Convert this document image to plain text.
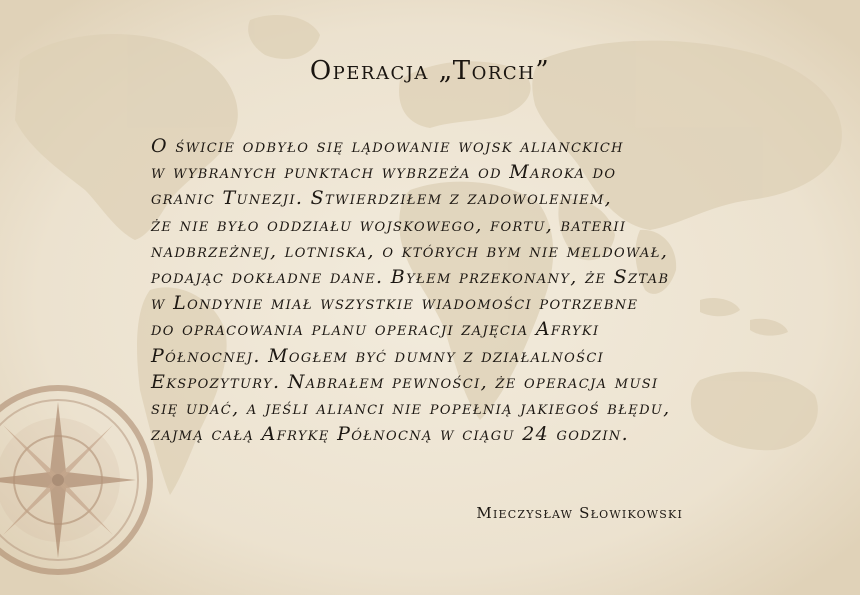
Operacja „Torch”
O świcie odbyło się lądowanie wojsk alianckich
w wybranych punktach wybrzeża od Maroka do
granic Tunezji. Stwierdziłem z zadowoleniem,
że nie było oddziału wojskowego, fortu, baterii
nadbrzeżnej, lotniska, o których bym nie meldował,
podając dokładne dane. Byłem przekonany, że Sztab
w Londynie miał wszystkie wiadomości potrzebne
do opracowania planu operacji zajęcia Afryki
Północnej. Mogłem być dumny z działalności
Ekspozytury. Nabrałem pewności, że operacja musi
się udać, a jeśli alianci nie popełnią jakiegoś błędu,
zajmą całą Afrykę Północną w ciągu 24 godzin.
Mieczysław Słowikowski
